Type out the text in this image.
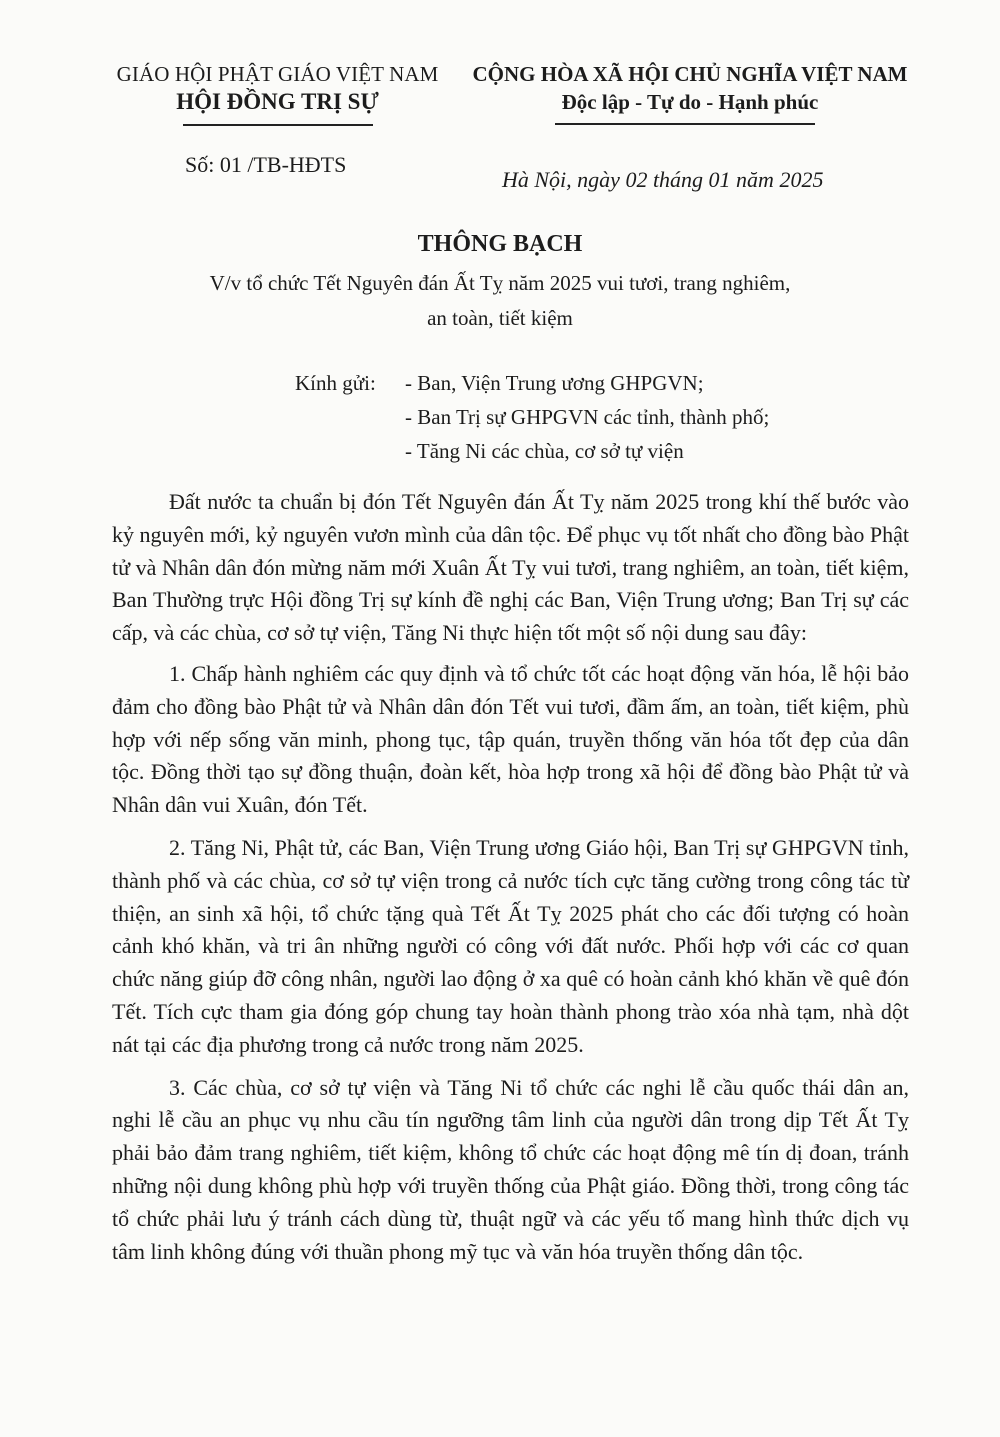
GIÁO HỘI PHẬT GIÁO VIỆT NAM
HỘI ĐỒNG TRỊ SỰ
Số: 01 /TB-HĐTS
CỘNG HÒA XÃ HỘI CHỦ NGHĨA VIỆT NAM
Độc lập - Tự do - Hạnh phúc
Hà Nội, ngày 02 tháng 01 năm 2025
THÔNG BẠCH
V/v tổ chức Tết Nguyên đán Ất Tỵ năm 2025 vui tươi, trang nghiêm,
an toàn, tiết kiệm
Kính gửi: - Ban, Viện Trung ương GHPGVN;
- Ban Trị sự GHPGVN các tỉnh, thành phố;
- Tăng Ni các chùa, cơ sở tự viện

Đất nước ta chuẩn bị đón Tết Nguyên đán Ất Tỵ năm 2025 trong khí thế bước vào kỷ nguyên mới, kỷ nguyên vươn mình của dân tộc. Để phục vụ tốt nhất cho đồng bào Phật tử và Nhân dân đón mừng năm mới Xuân Ất Tỵ vui tươi, trang nghiêm, an toàn, tiết kiệm, Ban Thường trực Hội đồng Trị sự kính đề nghị các Ban, Viện Trung ương; Ban Trị sự các cấp, và các chùa, cơ sở tự viện, Tăng Ni thực hiện tốt một số nội dung sau đây:

1. Chấp hành nghiêm các quy định và tổ chức tốt các hoạt động văn hóa, lễ hội bảo đảm cho đồng bào Phật tử và Nhân dân đón Tết vui tươi, đầm ấm, an toàn, tiết kiệm, phù hợp với nếp sống văn minh, phong tục, tập quán, truyền thống văn hóa tốt đẹp của dân tộc. Đồng thời tạo sự đồng thuận, đoàn kết, hòa hợp trong xã hội để đồng bào Phật tử và Nhân dân vui Xuân, đón Tết.

2. Tăng Ni, Phật tử, các Ban, Viện Trung ương Giáo hội, Ban Trị sự GHPGVN tỉnh, thành phố và các chùa, cơ sở tự viện trong cả nước tích cực tăng cường trong công tác từ thiện, an sinh xã hội, tổ chức tặng quà Tết Ất Tỵ 2025 phát cho các đối tượng có hoàn cảnh khó khăn, và tri ân những người có công với đất nước. Phối hợp với các cơ quan chức năng giúp đỡ công nhân, người lao động ở xa quê có hoàn cảnh khó khăn về quê đón Tết. Tích cực tham gia đóng góp chung tay hoàn thành phong trào xóa nhà tạm, nhà dột nát tại các địa phương trong cả nước trong năm 2025.

3. Các chùa, cơ sở tự viện và Tăng Ni tổ chức các nghi lễ cầu quốc thái dân an, nghi lễ cầu an phục vụ nhu cầu tín ngưỡng tâm linh của người dân trong dịp Tết Ất Tỵ phải bảo đảm trang nghiêm, tiết kiệm, không tổ chức các hoạt động mê tín dị đoan, tránh những nội dung không phù hợp với truyền thống của Phật giáo. Đồng thời, trong công tác tổ chức phải lưu ý tránh cách dùng từ, thuật ngữ và các yếu tố mang hình thức dịch vụ tâm linh không đúng với thuần phong mỹ tục và văn hóa truyền thống dân tộc.
